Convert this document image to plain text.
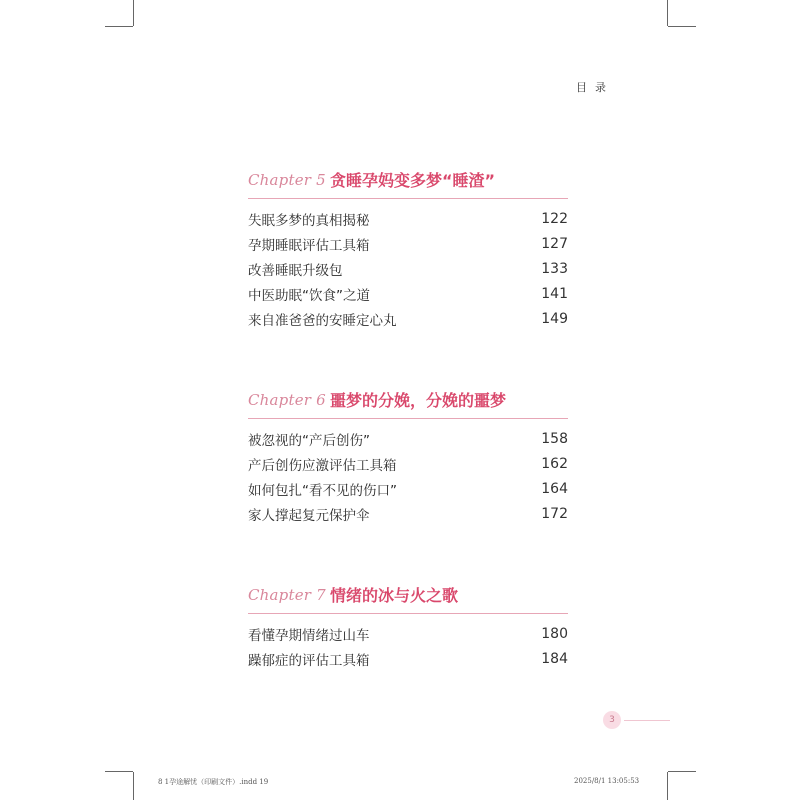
目录
Chapter 5 贪睡孕妈变多梦“睡渣”
失眠多梦的真相揭秘	122
孕期睡眠评估工具箱	127
改善睡眠升级包	133
中医助眠“饮食”之道	141
来自准爸爸的安睡定心丸	149
Chapter 6 噩梦的分娩，分娩的噩梦
被忽视的“产后创伤”	158
产后创伤应激评估工具箱	162
如何包扎“看不见的伤口”	164
家人撑起复元保护伞	172
Chapter 7 情绪的冰与火之歌
看懂孕期情绪过山车	180
躁郁症的评估工具箱	184
3
8 1孕途解忧（印刷文件）.indd 19	2025/8/1 13:05:53
